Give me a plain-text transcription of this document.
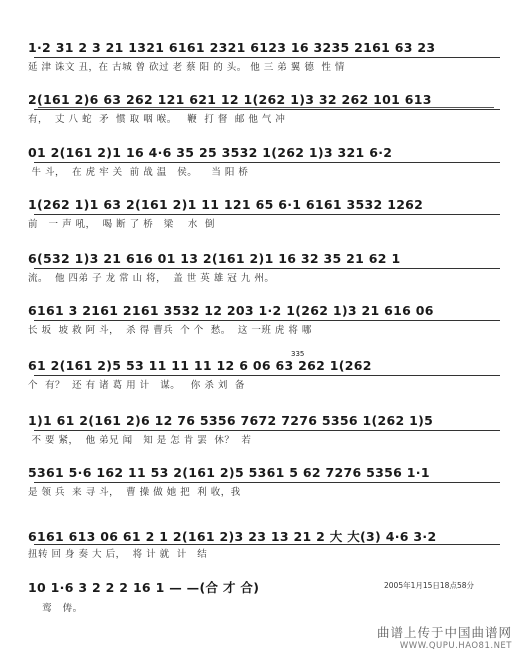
1·2 31 2 3 21 1321 6161 2321 6123 16 3235 2161 63 23
延 津 诛文 丑，在 古城 曾 砍过 老 蔡 阳 的 头。 他 三 弟 翼 德  性 情
2(161 2)6 63 262 121 621 12 1(262 1)3 32 262 101 613
有，  丈 八 蛇  矛  惯 取 咽 喉。   鞭  打 督  邮 他 气 冲
01 2(161 2)1 16 4·6 35 25 3532 1(262 1)3 321 6·2
牛 斗，  在 虎 牢 关  前 战 温   侯。    当 阳 桥
1(262 1)1 63 2(161 2)1 11 121 65 6·1 6161 3532 1262
前   一 声 吼，  喝 断 了 桥   梁    水  倒
6(532 1)3 21 616 01 13 2(161 2)1 16 32 35 21 62 1
流。  他 四弟 子 龙 常 山 将，  盖 世 英 雄 冠 九 州。
6161 3 2161 2161 3532 12 203 1·2 1(262 1)3 21 616 06
长 坂  坡 救 阿 斗，  杀 得 曹兵  个 个  愁。  这 一班 虎 将 哪
335
61 2(161 2)5 53 11 11 11 12 6 06 63 262 1(262
个  有？  还 有 诸 葛 用 计   谋。   你 杀 刘  备
1)1 61 2(161 2)6 12 76 5356 7672 7276 5356 1(262 1)5
不 要 紧，  他 弟兄 闻   知 是 怎 肯 罢  休？  若
5361 5·6 162 11 53 2(161 2)5 5361 5 62 7276 5356 1·1
是 领 兵  来 寻 斗，  曹 操 做 她 把  利 收，我
6161 613 06 61 2 1 2(161 2)3 23 13 21 2 大 大(3) 4·6 3·2
扭转 回 身 奏 大 后，  将 计 就  计   结
10 1·6 3 2 2 2 16 1 — —(合 才 合)
鸾   俦。
2005年1月15日18点58分
曲谱上传于中国曲谱网
WWW.QUPU.HAO81.NET
